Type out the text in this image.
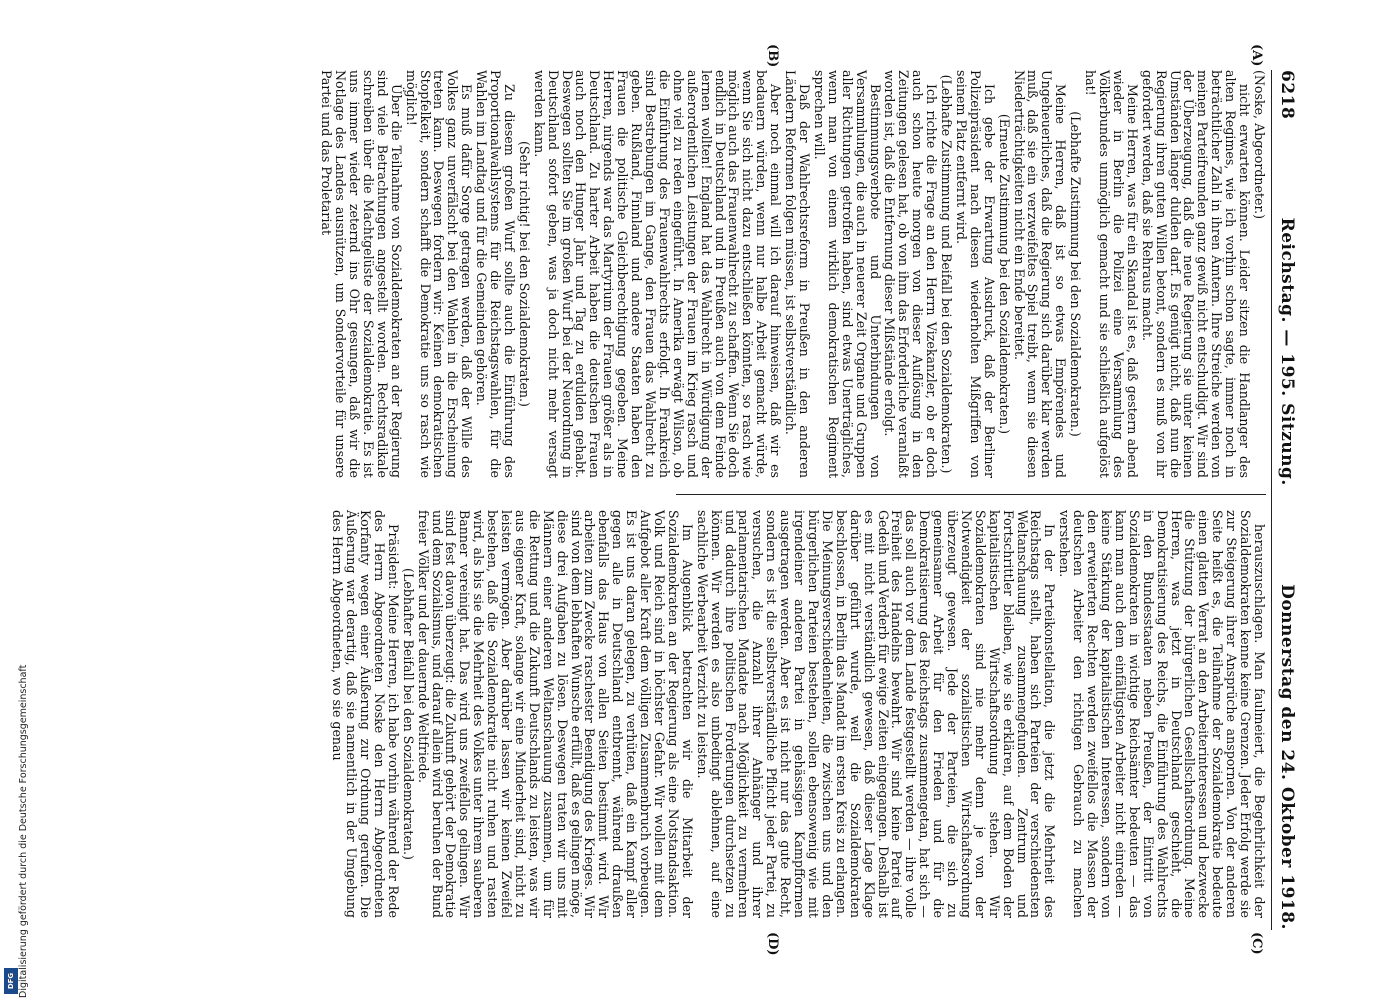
6218
Reichstag. — 195. Sitzung.
Donnerstag den 24. Oktober 1918.

(Noske, Abgeordneter.)

nicht erwarten können. Leider sitzen die Handlanger des alten Regimes, wie ich vorhin schon sagte, immer noch in beträchtlicher Zahl in ihren Ämtern. Ihre Streiche werden von meinen Parteifreunden ganz gewiß nicht entschuldigt. Wir sind der Überzeugung, daß die neue Regierung sie unter keinen Umständen länger dulden darf. Es genügt nicht, daß nun die Regierung ihren guten Willen betont, sondern es muß von ihr gefordert werden, daß sie Rehraus macht.

Meine Herren, was für ein Skandal ist es, daß gestern abend wieder in Berlin die Polizei eine Versammlung des Völkerbundes unmöglich gemacht und sie schließlich aufgelöst hat!

(Lebhafte Zustimmung bei den Sozialdemokraten.)

Meine Herren, daß ist so etwas Empörendes und Ungeheuerliches, daß die Regierung sich darüber klar werden muß, daß sie ein verzweifeltes Spiel treibt, wenn sie diesen Niederträchtigkeiten nicht ein Ende bereitet.

(Erneute Zustimmung bei den Sozialdemokraten.)

Ich gebe der Erwartung Ausdruck, daß der Berliner Polizeipräsident nach diesen wiederholten Mißgriffen von seinem Platz entfernt wird.

(Lebhafte Zustimmung und Beifall bei den Sozialdemokraten.)

Ich richte die Frage an den Herrn Vizekanzler, ob er doch auch schon heute morgen von dieser Auflösung in den Zeitungen gelesen hat, ob von ihm das Erforderliche veranlaßt worden ist, daß die Entfernung dieser Mißstände erfolgt.

Bestimmungsverbote und Unterbindungen von Versammlungen, die auch in neuerer Zeit Organe und Gruppen aller Richtungen getroffen haben, sind etwas Unerträgliches, wenn man von einem wirklich demokratischen Regiment sprechen will.

Daß der Wahlrechtsreform in Preußen in den anderen Ländern Reformen folgen müssen, ist selbstverständlich.

Aber noch einmal will ich darauf hinweisen, daß wir es bedauern würden, wenn nur halbe Arbeit gemacht würde, wenn Sie sich nicht dazu entschließen könnten, so rasch wie möglich auch das Frauenwahlrecht zu schaffen. Wenn Sie doch endlich in Deutschland und in Preußen auch von dem Feinde lernen wollten! England hat das Wahlrecht in Würdigung der außerordentlichen Leistungen der Frauen im Krieg rasch und ohne viel zu reden eingeführt. In Amerika erwägt Wilson, ob die Einführung des Frauenwahlrechts erfolgt. In Frankreich sind Bestrebungen im Gange, den Frauen das Wahlrecht zu geben. Rußland, Finnland und andere Staaten haben den Frauen die politische Gleichberechtigung gegeben. Meine Herren, nirgends war das Martyrium der Frauen größer als in Deutschland. Zu harter Arbeit haben die deutschen Frauen auch noch den Hunger Jahr und Tag zu erdulden gehabt. Deswegen sollten Sie im großen Wurf bei der Neuordnung in Deutschland sofort geben, was ja doch nicht mehr versagt werden kann.

(Sehr richtig! bei den Sozialdemokraten.)

Zu diesem großen Wurf sollte auch die Einführung des Proportionalwahlsystems für die Reichstagswahlen, für die Wahlen im Landtag und für die Gemeinden gehören.

Es muß dafür Sorge getragen werden, daß der Wille des Volkes ganz unverfälscht bei den Wahlen in die Erscheinung treten kann. Deswegen fordern wir: Keinen demokratischen Stopfelkeit, sondern schafft die Demokratie uns so rasch wie möglich!

Über die Teilnahme von Sozialdemokraten an der Regierung sind viele Betrachtungen angestellt worden. Rechtsradikale schreiben über die Machtgelüste der Sozialdemokratie. Es ist uns immer wieder zeternd ins Ohr gesungen, daß wir die Notlage des Landes ausnützen, um Sondervorteile für unsere Partei und das Proletariat

herauszuschlagen. Man faulmeiert, die Begehrlichkeit der Sozialdemokraten kenne keine Grenzen. Jeder Erfolg werde sie zur Steigerung ihrer Ansprüche anspornen. Von der anderen Seite heißt es, die Teilnahme der Sozialdemokratie bedeute einen glatten Verrat an den Arbeiterinteressen und bezwecke die Stützung der bürgerlichen Gesellschaftsordnung. Meine Herren, was jetzt in Deutschland geschieht, die Demokratisierung des Reichs, die Einführung des Wahlrechts in den Bundesstaaten neben Preußen, der Eintritt von Sozialdemokraten in wichtige Reichsämter bedeuten — das kann man auch dem einfältigsten Arbeiter nicht einreden — keine Stärkung der kapitalistischen Interessen, sondern von den erweiterten Rechten werden zweifellos die Massen der deutschen Arbeiter den richtigen Gebrauch zu machen verstehen.

In der Parteikonstellation, die jetzt die Mehrheit des Reichstags stellt, haben sich Parteien der verschiedensten Weltanschauung zusammengefunden. Zentrum und Fortschrittler bleiben, wie sie erklären, auf dem Boden der kapitalistischen Wirtschaftsordnung stehen. Wir Sozialdemokraten sind nie mehr denn je von der Notwendigkeit der sozialistischen Wirtschaftsordnung überzeugt gewesen. Jede der Parteien, die sich zu gemeinsamer Arbeit für den Frieden und für die Demokratisierung des Reichstags zusammengetan, hat sich — das soll auch vor dem Lande festgestellt werden — ihre volle Freiheit des Handelns bewahrt. Wir sind keine Partei auf Gedeih und Verderb für ewige Zeiten eingegangen. Deshalb ist es mit nicht verständlich gewesen, daß dieser Lage Klage darüber geführt wurde, weil die Sozialdemokraten beschlossen, in Berlin das Mandat im ersten Kreis zu erlangen. Die Meinungsverschiedenheiten, die zwischen uns und den bürgerlichen Parteien bestehen, sollen ebensowenig wie mit irgendeiner anderen Partei in gehässigen Kampfformen ausgetragen werden. Aber es ist nicht nur das gute Recht, sondern es ist die selbstverständliche Pflicht jeder Partei, zu versuchen, die Anzahl ihrer Anhänger und ihrer parlamentarischen Mandate nach Möglichkeit zu vermehren und dadurch ihre politischen Forderungen durchsetzen zu können. Wir werden es also unbedingt ablehnen, auf eine sachliche Werbearbeit Verzicht zu leisten.

Im Augenblick betrachten wir die Mitarbeit der Sozialdemokraten an der Regierung als eine Notstandsaktion. Volk und Reich sind in höchster Gefahr. Wir wollen mit dem Aufgebot aller Kraft dem völligen Zusammenbruch vorbeugen. Es ist uns daran gelegen, zu verhüten, daß ein Kampf aller gegen alle in Deutschland entbrennt, während draußen ebenfalls das Haus von allen Seiten bestimmt wird. Wir arbeiten zum Zwecke raschester Beendigung des Krieges. Wir sind von dem lebhaften Wunsche erfüllt, daß es gelingen möge, diese drei Aufgaben zu lösen. Deswegen traten wir uns mit Männern einer anderen Weltanschauung zusammen, um für die Rettung und die Zukunft Deutschlands zu leisten, was wir aus eigener Kraft, solange wir eine Minderheit sind, nicht zu leisten vermögen. Aber darüber lassen wir keinen Zweifel bestehen, daß die Sozialdemokratie nicht ruhen und rasten wird, als bis sie die Mehrheit des Volkes unter ihrem sauberen Banner vereinigt hat. Das wird uns zweifellos gelingen. Wir sind fest davon überzeugt: die Zukunft gehört der Demokratie und dem Sozialismus, und darauf allein wird beruhen der Bund freier Völker und der dauernde Weltfriede.

(Lebhafter Beifall bei den Sozialdemokraten.)

Präsident: Meine Herren, ich habe vorhin während der Rede des Herrn Abgeordneten Noske den Herrn Abgeordneten Korfanty wegen einer Äußerung zur Ordnung gerufen. Die Äußerung war derartig, daß sie namentlich in der Umgebung des Herrn Abgeordneten, wo sie genau

(A)
(B)
(C)
(D)
Digitalisierung gefördert durch die Deutsche Forschungsgemeinschaft
DFG
